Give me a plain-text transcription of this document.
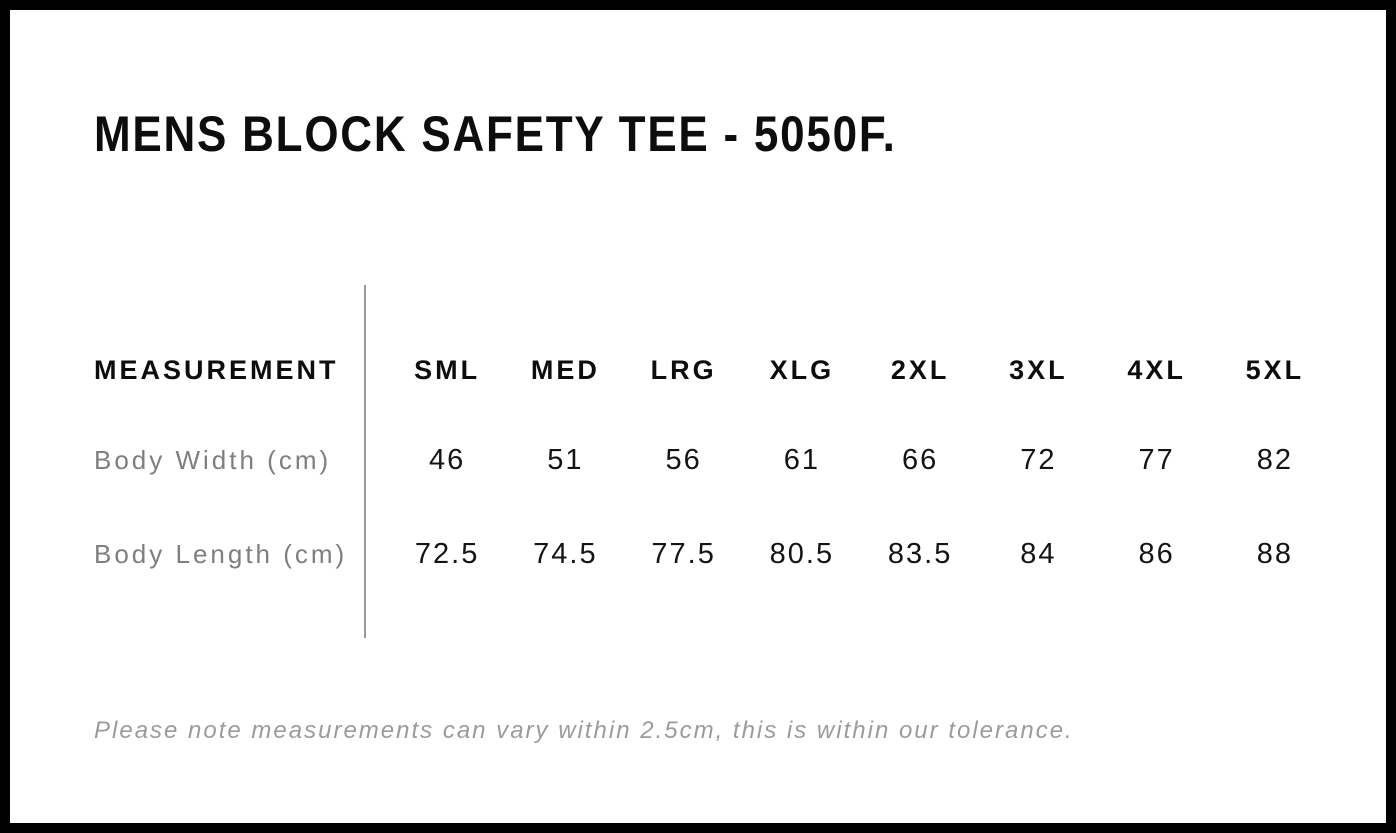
MENS BLOCK SAFETY TEE - 5050F.
MEASUREMENT	SML	MED	LRG	XLG	2XL	3XL	4XL	5XL
Body Width (cm)	46	51	56	61	66	72	77	82
Body Length (cm)	72.5	74.5	77.5	80.5	83.5	84	86	88
Please note measurements can vary within 2.5cm, this is within our tolerance.
